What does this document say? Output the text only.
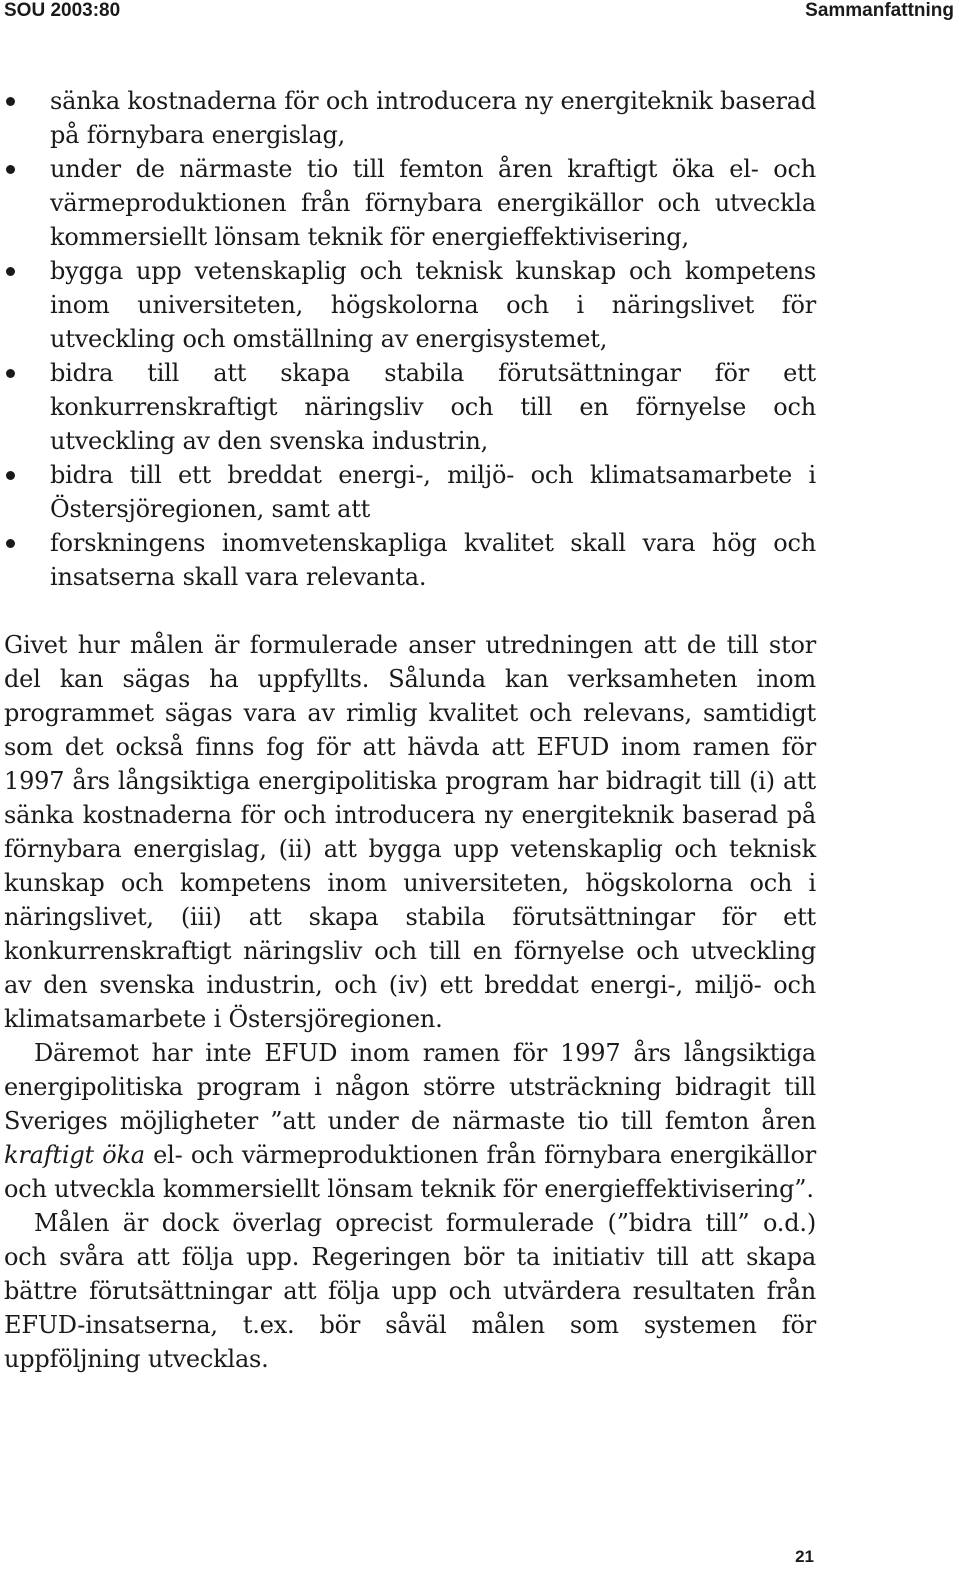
SOU 2003:80	Sammanfattning
sänka kostnaderna för och introducera ny energiteknik baserad på förnybara energislag,
under de närmaste tio till femton åren kraftigt öka el- och värmeproduktionen från förnybara energikällor och utveckla kommersiellt lönsam teknik för energieffektivisering,
bygga upp vetenskaplig och teknisk kunskap och kompetens inom universiteten, högskolorna och i näringslivet för utveckling och omställning av energisystemet,
bidra till att skapa stabila förutsättningar för ett konkurrenskraftigt näringsliv och till en förnyelse och utveckling av den svenska industrin,
bidra till ett breddat energi-, miljö- och klimatsamarbete i Östersjöregionen, samt att
forskningens inomvetenskapliga kvalitet skall vara hög och insatserna skall vara relevanta.

Givet hur målen är formulerade anser utredningen att de till stor del kan sägas ha uppfyllts. Sålunda kan verksamheten inom programmet sägas vara av rimlig kvalitet och relevans, samtidigt som det också finns fog för att hävda att EFUD inom ramen för 1997 års långsiktiga energipolitiska program har bidragit till (i) att sänka kostnaderna för och introducera ny energiteknik baserad på förnybara energislag, (ii) att bygga upp vetenskaplig och teknisk kunskap och kompetens inom universiteten, högskolorna och i näringslivet, (iii) att skapa stabila förutsättningar för ett konkurrenskraftigt näringsliv och till en förnyelse och utveckling av den svenska industrin, och (iv) ett breddat energi-, miljö- och klimatsamarbete i Östersjöregionen.

Däremot har inte EFUD inom ramen för 1997 års långsiktiga energipolitiska program i någon större utsträckning bidragit till Sveriges möjligheter ”att under de närmaste tio till femton åren kraftigt öka el- och värmeproduktionen från förnybara energikällor och utveckla kommersiellt lönsam teknik för energieffektivisering”.

Målen är dock överlag oprecist formulerade (”bidra till” o.d.) och svåra att följa upp. Regeringen bör ta initiativ till att skapa bättre förutsättningar att följa upp och utvärdera resultaten från EFUD-insatserna, t.ex. bör såväl målen som systemen för uppföljning utvecklas.

21
